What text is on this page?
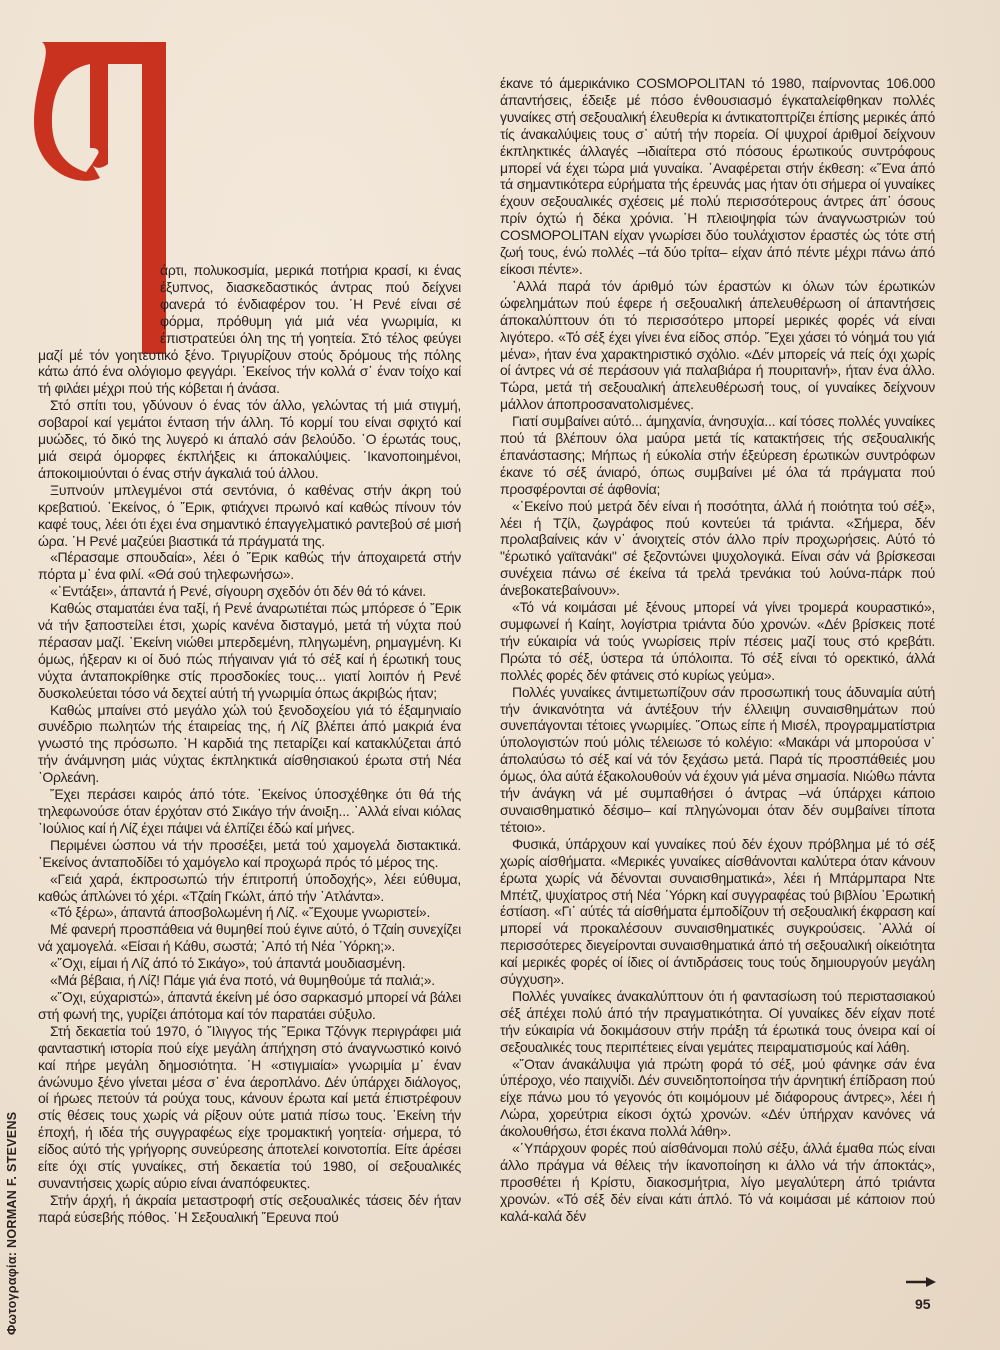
άρτι, πολυκοσμία, μερικά ποτήρια κρασί, κι ένας έξυπνος, διασκεδαστικός άντρας πού δείχνει φανερά τό ένδιαφέρον του. ῾Η Ρενέ είναι σέ φόρμα, πρόθυμη γιά μιά νέα γνωριμία, κι έπιστρατεύει όλη της τή γοητεία. Στό τέλος φεύγει μαζί μέ τόν γοητευτικό ξένο. Τριγυρίζουν στούς δρόμους τής πόλης κάτω άπό ένα ολόγιομο φεγγάρι. ᾿Εκείνος τήν κολλά σ᾿ έναν τοίχο καί τή φιλάει μέχρι πού τής κόβεται ή άνάσα.

Στό σπίτι του, γδύνουν ό ένας τόν άλλο, γελώντας τή μιά στιγμή, σοβαροί καί γεμάτοι ένταση τήν άλλη. Τό κορμί του είναι σφιχτό καί μυώδες, τό δικό της λυγερό κι άπαλό σάν βελούδο. ῾Ο έρωτάς τους, μιά σειρά όμορφες έκπλήξεις κι άποκαλύψεις. ῾Ικανοποιημένοι, άποκοιμιούνται ό ένας στήν άγκαλιά τού άλλου.

Ξυπνούν μπλεγμένοι στά σεντόνια, ό καθένας στήν άκρη τού κρεβατιού. ᾿Εκείνος, ό ῎Ερικ, φτιάχνει πρωινό καί καθώς πίνουν τόν καφέ τους, λέει ότι έχει ένα σημαντικό έπαγγελματικό ραντεβού σέ μισή ώρα. ῾Η Ρενέ μαζεύει βιαστικά τά πράγματά της.

«Πέρασαμε σπουδαία», λέει ό ῎Ερικ καθώς τήν άποχαιρετά στήν πόρτα μ᾿ ένα φιλί. «Θά σού τηλεφωνήσω».

«᾿Εντάξει», άπαντά ή Ρενέ, σίγουρη σχεδόν ότι δέν θά τό κάνει.

Καθώς σταματάει ένα ταξί, ή Ρενέ άναρωτιέται πώς μπόρεσε ό ῎Ερικ νά τήν ξαποστείλει έτσι, χωρίς κανένα δισταγμό, μετά τή νύχτα πού πέρασαν μαζί. ᾿Εκείνη νιώθει μπερδεμένη, πληγωμένη, ρημαγμένη. Κι όμως, ήξεραν κι οί δυό πώς πήγαιναν γιά τό σέξ καί ή έρωτική τους νύχτα άνταποκρίθηκε στίς προσδοκίες τους... γιατί λοιπόν ή Ρενέ δυσκολεύεται τόσο νά δεχτεί αύτή τή γνωριμία όπως άκριβώς ήταν;

Καθώς μπαίνει στό μεγάλο χώλ τού ξενοδοχείου γιά τό έξαμηνιαίο συνέδριο πωλητών τής έταιρείας της, ή Λίζ βλέπει άπό μακριά ένα γνωστό της πρόσωπο. ῾Η καρδιά της πεταρίζει καί κατακλύζεται άπό τήν άνάμνηση μιάς νύχτας έκπληκτικά αίσθησιακού έρωτα στή Νέα ᾿Ορλεάνη.

῎Εχει περάσει καιρός άπό τότε. ᾿Εκείνος ύποσχέθηκε ότι θά τής τηλεφωνούσε όταν έρχόταν στό Σικάγο τήν άνοιξη... ᾿Αλλά είναι κιόλας ᾿Ιούλιος καί ή Λίζ έχει πάψει νά έλπίζει έδώ καί μήνες.

Περιμένει ώσπου νά τήν προσέξει, μετά τού χαμογελά διστακτικά. ᾿Εκείνος άνταποδίδει τό χαμόγελο καί προχωρά πρός τό μέρος της.

«Γειά χαρά, έκπροσωπώ τήν έπιτροπή ύποδοχής», λέει εύθυμα, καθώς άπλώνει τό χέρι. «Τζαίη Γκώλτ, άπό τήν ᾿Ατλάντα».

«Τό ξέρω», άπαντά άποσβολωμένη ή Λίζ. «῎Εχουμε γνωριστεί».

Μέ φανερή προσπάθεια νά θυμηθεί πού έγινε αύτό, ό Τζαίη συνεχίζει νά χαμογελά. «Είσαι ή Κάθυ, σωστά; ᾿Από τή Νέα ῾Υόρκη;».

«῎Οχι, είμαι ή Λίζ άπό τό Σικάγο», τού άπαντά μουδιασμένη.

«Μά βέβαια, ή Λίζ! Πάμε γιά ένα ποτό, νά θυμηθούμε τά παλιά;».

«῎Οχι, εύχαριστώ», άπαντά έκείνη μέ όσο σαρκασμό μπορεί νά βάλει στή φωνή της, γυρίζει άπότομα καί τόν παρατάει σύξυλο.

Στή δεκαετία τού 1970, ό ῎Ιλιγγος τής ῎Ερικα Τζόνγκ περιγράφει μιά φανταστική ιστορία πού είχε μεγάλη άπήχηση στό άναγνωστικό κοινό καί πήρε μεγάλη δημοσιότητα. ῾Η «στιγμιαία» γνωριμία μ᾿ έναν άνώνυμο ξένο γίνεται μέσα σ᾿ ένα άεροπλάνο. Δέν ύπάρχει διάλογος, οί ήρωες πετούν τά ρούχα τους, κάνουν έρωτα καί μετά έπιστρέφουν στίς θέσεις τους χωρίς νά ρίξουν ούτε ματιά πίσω τους. ᾿Εκείνη τήν έποχή, ή ιδέα τής συγγραφέως είχε τρομακτική γοητεία· σήμερα, τό είδος αύτό τής γρήγορης συνεύρεσης άποτελεί κοινοτοπία. Είτε άρέσει είτε όχι στίς γυναίκες, στή δεκαετία τού 1980, οί σεξουαλικές συναντήσεις χωρίς αύριο είναι άναπόφευκτες.

Στήν άρχή, ή άκραία μεταστροφή στίς σεξουαλικές τάσεις δέν ήταν παρά εύσεβής πόθος. ῾Η Σεξουαλική ῎Ερευνα πού

έκανε τό άμερικάνικο COSMOPOLITAN τό 1980, παίρνοντας 106.000 άπαντήσεις, έδειξε μέ πόσο ένθουσιασμό έγκαταλείφθηκαν πολλές γυναίκες στή σεξουαλική έλευθερία κι άντικατοπτρίζει έπίσης μερικές άπό τίς άνακαλύψεις τους σ᾿ αύτή τήν πορεία. Οί ψυχροί άριθμοί δείχνουν έκπληκτικές άλλαγές –ιδιαίτερα στό πόσους έρωτικούς συντρόφους μπορεί νά έχει τώρα μιά γυναίκα. ᾿Αναφέρεται στήν έκθεση: «῞Ενα άπό τά σημαντικότερα εύρήματα τής έρευνάς μας ήταν ότι σήμερα οί γυναίκες έχουν σεξουαλικές σχέσεις μέ πολύ περισσότερους άντρες άπ᾿ όσους πρίν όχτώ ή δέκα χρόνια. ῾Η πλειοψηφία τών άναγνωστριών τού COSMOPOLITAN είχαν γνωρίσει δύο τουλάχιστον έραστές ώς τότε στή ζωή τους, ένώ πολλές –τά δύο τρίτα– είχαν άπό πέντε μέχρι πάνω άπό είκοσι πέντε».

᾿Αλλά παρά τόν άριθμό τών έραστών κι όλων τών έρωτικών ώφελημάτων πού έφερε ή σεξουαλική άπελευθέρωση οί άπαντήσεις άποκαλύπτουν ότι τό περισσότερο μπορεί μερικές φορές νά είναι λιγότερο. «Τό σέξ έχει γίνει ένα είδος σπόρ. ῎Εχει χάσει τό νόημά του γιά μένα», ήταν ένα χαρακτηριστικό σχόλιο. «Δέν μπορείς νά πείς όχι χωρίς οί άντρες νά σέ περάσουν γιά παλαβιάρα ή πουριτανή», ήταν ένα άλλο. Τώρα, μετά τή σεξουαλική άπελευθέρωσή τους, οί γυναίκες δείχνουν μάλλον άποπροσανατολισμένες.

Γιατί συμβαίνει αύτό... άμηχανία, άνησυχία... καί τόσες πολλές γυναίκες πού τά βλέπουν όλα μαύρα μετά τίς κατακτήσεις τής σεξουαλικής έπανάστασης; Μήπως ή εύκολία στήν έξεύρεση έρωτικών συντρόφων έκανε τό σέξ άνιαρό, όπως συμβαίνει μέ όλα τά πράγματα πού προσφέρονται σέ άφθονία;

«᾿Εκείνο πού μετρά δέν είναι ή ποσότητα, άλλά ή ποιότητα τού σέξ», λέει ή Τζίλ, ζωγράφος πού κοντεύει τά τριάντα. «Σήμερα, δέν προλαβαίνεις κάν ν᾿ άνοιχτείς στόν άλλο πρίν προχωρήσεις. Αύτό τό "έρωτικό γαϊτανάκι" σέ ξεζοντώνει ψυχολογικά. Είναι σάν νά βρίσκεσαι συνέχεια πάνω σέ έκείνα τά τρελά τρενάκια τού λούνα-πάρκ πού άνεβοκατεβαίνουν».

«Τό νά κοιμάσαι μέ ξένους μπορεί νά γίνει τρομερά κουραστικό», συμφωνεί ή Καίητ, λογίστρια τριάντα δύο χρονών. «Δέν βρίσκεις ποτέ τήν εύκαιρία νά τούς γνωρίσεις πρίν πέσεις μαζί τους στό κρεβάτι. Πρώτα τό σέξ, ύστερα τά ύπόλοιπα. Τό σέξ είναι τό ορεκτικό, άλλά πολλές φορές δέν φτάνεις στό κυρίως γεύμα».

Πολλές γυναίκες άντιμετωπίζουν σάν προσωπική τους άδυναμία αύτή τήν άνικανότητα νά άντέξουν τήν έλλειψη συναισθημάτων πού συνεπάγονται τέτοιες γνωριμίες. ῞Οπως είπε ή Μισέλ, προγραμματίστρια ύπολογιστών πού μόλις τέλειωσε τό κολέγιο: «Μακάρι νά μπορούσα ν᾿ άπολαύσω τό σέξ καί νά τόν ξεχάσω μετά. Παρά τίς προσπάθειές μου όμως, όλα αύτά έξακολουθούν νά έχουν γιά μένα σημασία. Νιώθω πάντα τήν άνάγκη νά μέ συμπαθήσει ό άντρας –νά ύπάρχει κάποιο συναισθηματικό δέσιμο– καί πληγώνομαι όταν δέν συμβαίνει τίποτα τέτοιο».

Φυσικά, ύπάρχουν καί γυναίκες πού δέν έχουν πρόβλημα μέ τό σέξ χωρίς αίσθήματα. «Μερικές γυναίκες αίσθάνονται καλύτερα όταν κάνουν έρωτα χωρίς νά δένονται συναισθηματικά», λέει ή Μπάρμπαρα Ντε Μπέτζ, ψυχίατρος στή Νέα ῾Υόρκη καί συγγραφέας τού βιβλίου ᾿Ερωτική έστίαση. «Γι᾿ αύτές τά αίσθήματα έμποδίζουν τή σεξουαλική έκφραση καί μπορεί νά προκαλέσουν συναισθηματικές συγκρούσεις. ᾿Αλλά οί περισσότερες διεγείρονται συναισθηματικά άπό τή σεξουαλική οίκειότητα καί μερικές φορές οί ίδιες οί άντιδράσεις τους τούς δημιουργούν μεγάλη σύγχυση».

Πολλές γυναίκες άνακαλύπτουν ότι ή φαντασίωση τού περιστασιακού σέξ άπέχει πολύ άπό τήν πραγματικότητα. Οί γυναίκες δέν είχαν ποτέ τήν εύκαιρία νά δοκιμάσουν στήν πράξη τά έρωτικά τους όνειρα καί οί σεξουαλικές τους περιπέτειες είναι γεμάτες πειραματισμούς καί λάθη.

«῞Οταν άνακάλυψα γιά πρώτη φορά τό σέξ, μού φάνηκε σάν ένα ύπέροχο, νέο παιχνίδι. Δέν συνειδητοποίησα τήν άρνητική έπίδραση πού είχε πάνω μου τό γεγονός ότι κοιμόμουν μέ διάφορους άντρες», λέει ή Λώρα, χορεύτρια είκοσι όχτώ χρονών. «Δέν ύπήρχαν κανόνες νά άκολουθήσω, έτσι έκανα πολλά λάθη».

«῾Υπάρχουν φορές πού αίσθάνομαι πολύ σέξυ, άλλά έμαθα πώς είναι άλλο πράγμα νά θέλεις τήν ίκανοποίηση κι άλλο νά τήν άποκτάς», προσθέτει ή Κρίστυ, διακοσμήτρια, λίγο μεγαλύτερη άπό τριάντα χρονών. «Τό σέξ δέν είναι κάτι άπλό. Τό νά κοιμάσαι μέ κάποιον πού καλά-καλά δέν

Φωτογραφία: NORMAN F. STEVENS	95
